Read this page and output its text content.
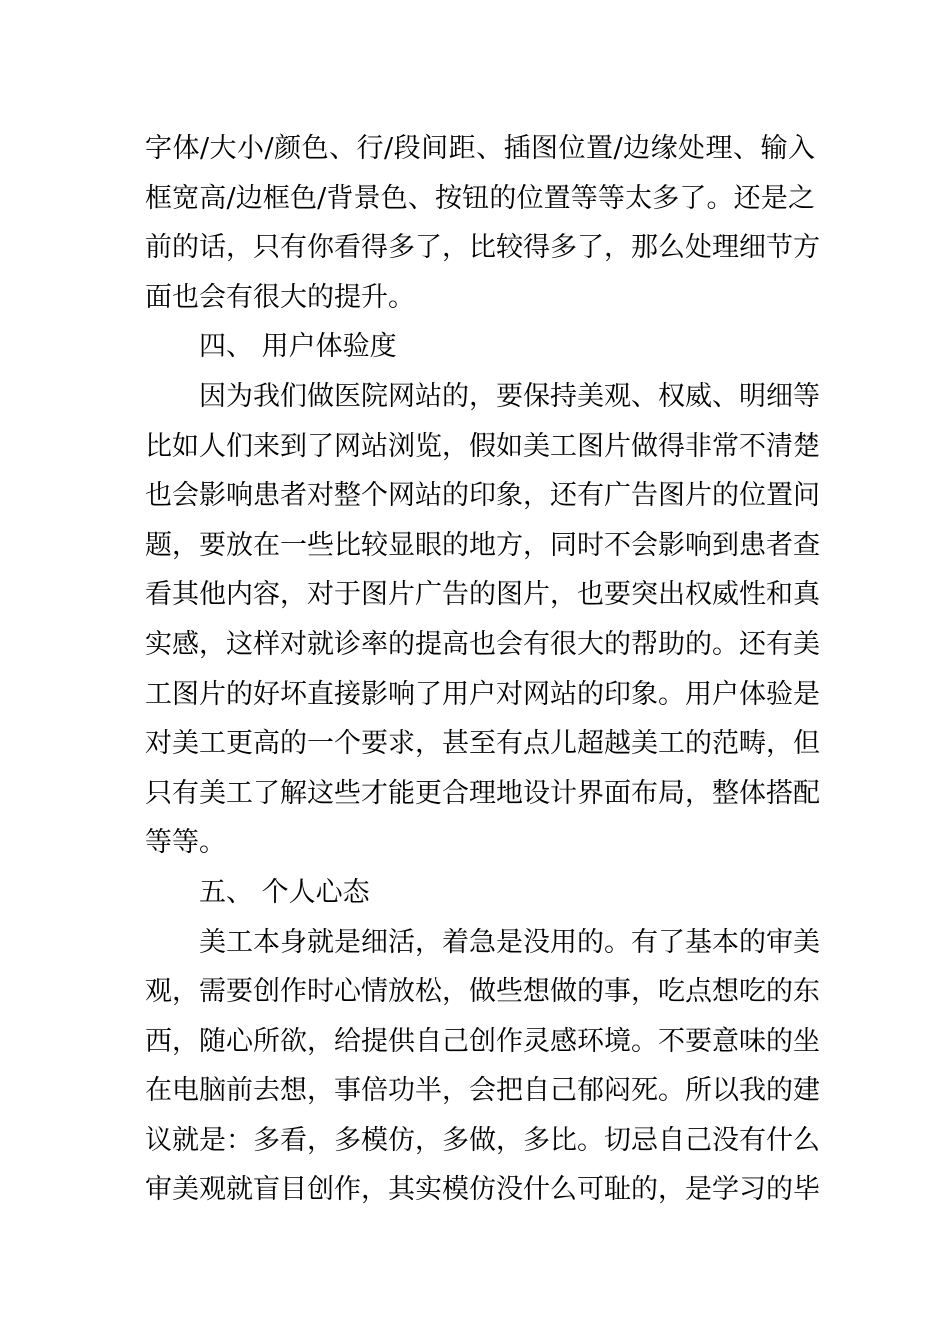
字体/大小/颜色、行/段间距、插图位置/边缘处理、输入
框宽高/边框色/背景色、按钮的位置等等太多了。还是之
前的话，只有你看得多了，比较得多了，那么处理细节方
面也会有很大的提升。
四、 用户体验度
因为我们做医院网站的，要保持美观、权威、明细等
比如人们来到了网站浏览，假如美工图片做得非常不清楚
也会影响患者对整个网站的印象，还有广告图片的位置问
题，要放在一些比较显眼的地方，同时不会影响到患者查
看其他内容，对于图片广告的图片，也要突出权威性和真
实感，这样对就诊率的提高也会有很大的帮助的。还有美
工图片的好坏直接影响了用户对网站的印象。用户体验是
对美工更高的一个要求，甚至有点儿超越美工的范畴，但
只有美工了解这些才能更合理地设计界面布局，整体搭配
等等。
五、 个人心态
美工本身就是细活，着急是没用的。有了基本的审美
观，需要创作时心情放松，做些想做的事，吃点想吃的东
西，随心所欲，给提供自己创作灵感环境。不要意味的坐
在电脑前去想，事倍功半，会把自己郁闷死。所以我的建
议就是：多看，多模仿，多做，多比。切忌自己没有什么
审美观就盲目创作，其实模仿没什么可耻的，是学习的毕
